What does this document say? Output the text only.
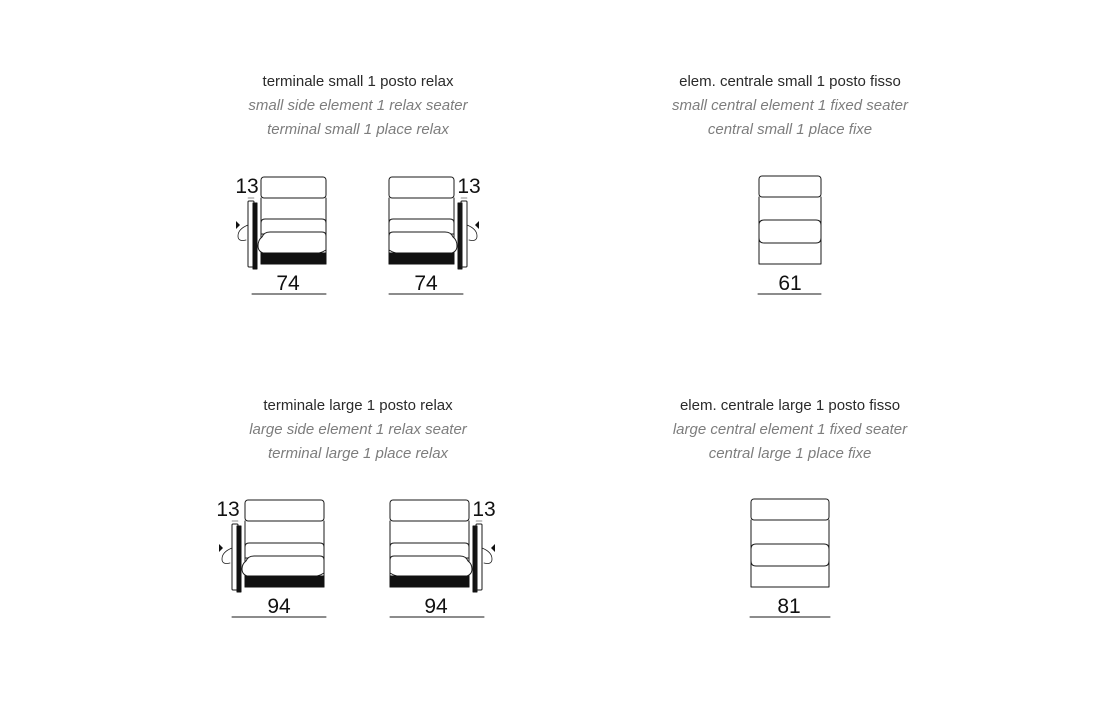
terminale small 1 posto relax
small side element 1 relax seater
terminal small 1 place relax
elem. centrale small 1 posto fisso
small central element 1 fixed seater
central small 1 place fixe
terminale large 1 posto relax
large side element 1 relax seater
terminal large 1 place relax
elem. centrale large 1 posto fisso
large central element 1 fixed seater
central large 1 place fixe
13
74
13
74	61
13
94
13
94	81
